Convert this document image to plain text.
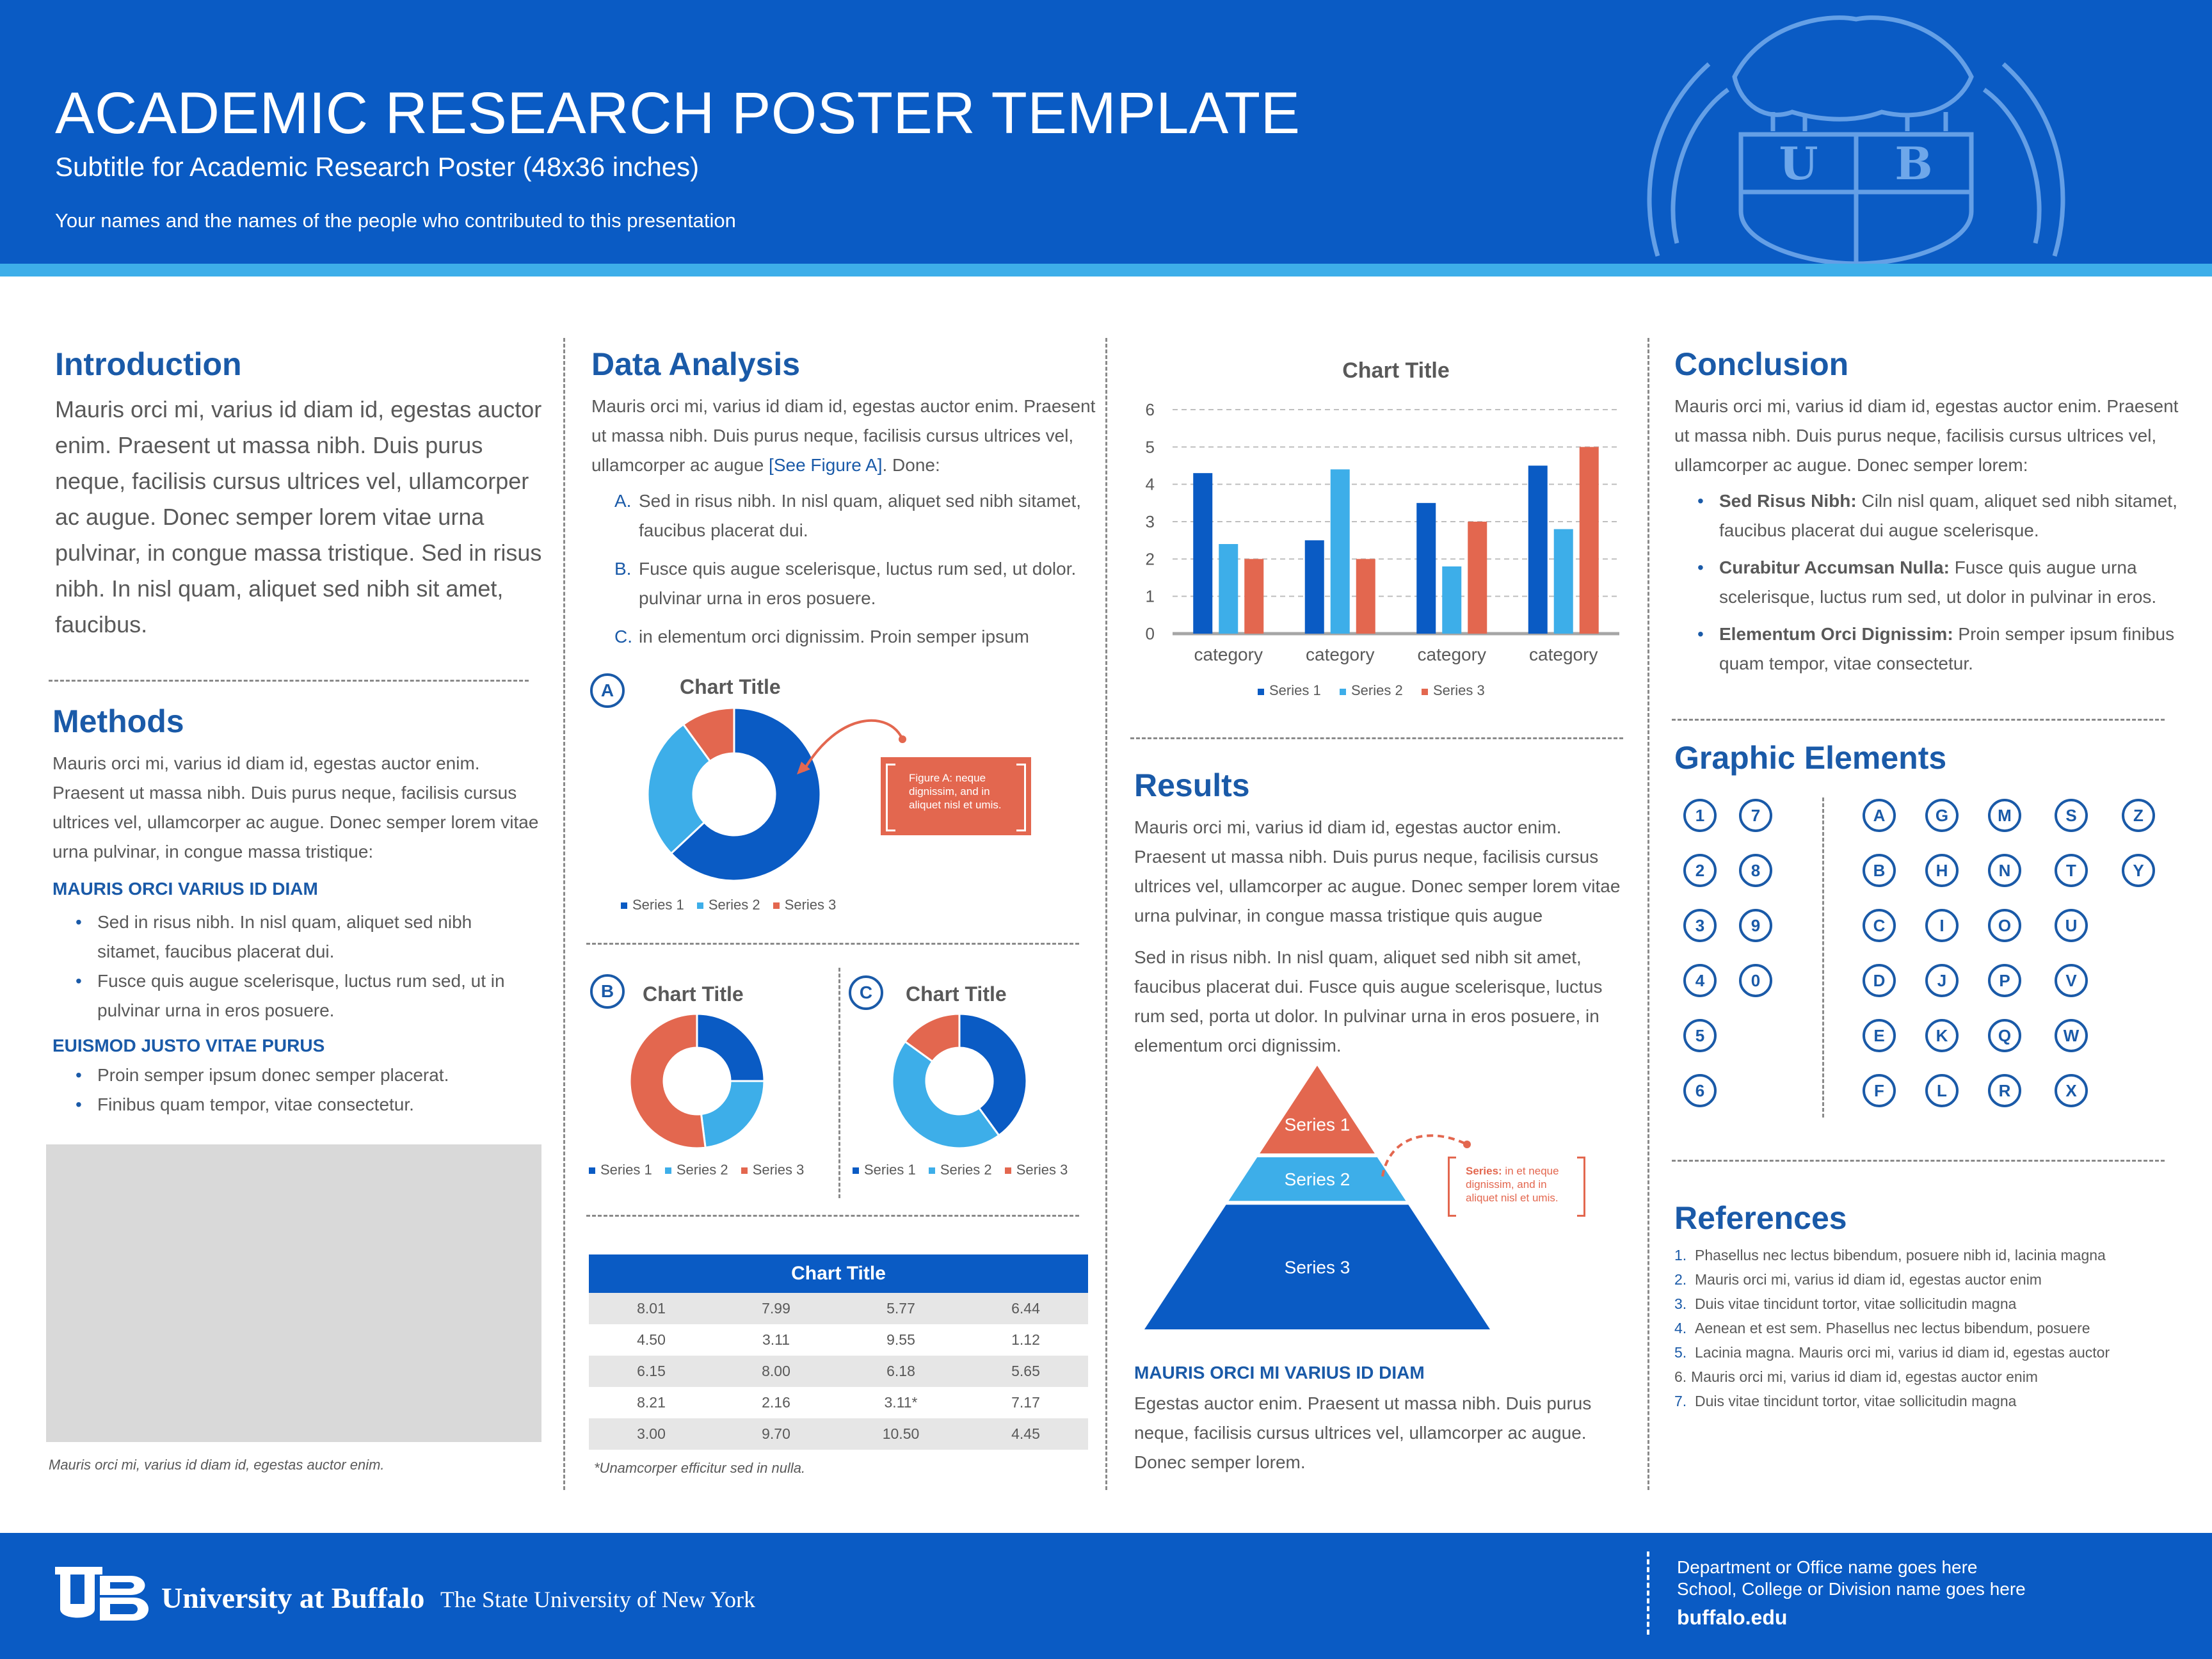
U B
ACADEMIC RESEARCH POSTER TEMPLATE
Subtitle for Academic Research Poster (48x36 inches)
Your names and the names of the people who contributed to this presentation
Introduction
Mauris orci mi, varius id diam id, egestas auctor enim. Praesent ut massa nibh. Duis purus neque, facilisis cursus ultrices vel, ullamcorper ac augue. Donec semper lorem vitae urna pulvinar, in congue massa tristique. Sed in risus nibh. In nisl quam, aliquet sed nibh sit amet, faucibus.
Methods
Mauris orci mi, varius id diam id, egestas auctor enim. Praesent ut massa nibh. Duis purus neque, facilisis cursus ultrices vel, ullamcorper ac augue. Donec semper lorem vitae urna pulvinar, in congue massa tristique:
MAURIS ORCI VARIUS ID DIAM
• Sed in risus nibh. In nisl quam, aliquet sed nibh sitamet, faucibus placerat dui.
• Fusce quis augue scelerisque, luctus rum sed, ut in pulvinar urna in eros posuere.
EUISMOD JUSTO VITAE PURUS
• Proin semper ipsum donec semper placerat.
• Finibus quam tempor, vitae consectetur.
Mauris orci mi, varius id diam id, egestas auctor enim.
Data Analysis
Mauris orci mi, varius id diam id, egestas auctor enim. Praesent ut massa nibh. Duis purus neque, facilisis cursus ultrices vel, ullamcorper ac augue [See Figure A]. Done:
A. Sed in risus nibh. In nisl quam, aliquet sed nibh sitamet, faucibus placerat dui.
B. Fusce quis augue scelerisque, luctus rum sed, ut dolor. pulvinar urna in eros posuere.
C. in elementum orci dignissim. Proin semper ipsum
A	Chart Title
Figure A: neque dignissim, and in aliquet nisl et umis.
Series 1 Series 2 Series 3
B	Chart Title
Series 1 Series 2 Series 3
C	Chart Title
Series 1 Series 2 Series 3
Chart Title			
8.01	7.99	5.77	6.44
4.50	3.11	9.55	1.12
6.15	8.00	6.18	5.65
8.21	2.16	3.11*	7.17
3.00	9.70	10.50	4.45
*Unamcorper efficitur sed in nulla.
Chart Title
0
1
2
3
4
5
6
category category category category
Series 1 Series 2 Series 3
Results
Mauris orci mi, varius id diam id, egestas auctor enim. Praesent ut massa nibh. Duis purus neque, facilisis cursus ultrices vel, ullamcorper ac augue. Donec semper lorem vitae urna pulvinar, in congue massa tristique quis augue
Sed in risus nibh. In nisl quam, aliquet sed nibh sit amet, faucibus placerat dui. Fusce quis augue scelerisque, luctus rum sed, porta ut dolor. In pulvinar urna in eros posuere, in elementum orci dignissim.
Series 1
Series 2
Series 3
Series: in et neque dignissim, and in aliquet nisl et umis.
MAURIS ORCI MI VARIUS ID DIAM
Egestas auctor enim. Praesent ut massa nibh. Duis purus neque, facilisis cursus ultrices vel, ullamcorper ac augue. Donec semper lorem.
Conclusion
Mauris orci mi, varius id diam id, egestas auctor enim. Praesent ut massa nibh. Duis purus neque, facilisis cursus ultrices vel, ullamcorper ac augue. Donec semper lorem:
• Sed Risus Nibh: Ciln nisl quam, aliquet sed nibh sitamet, faucibus placerat dui augue scelerisque.
• Curabitur Accumsan Nulla: Fusce quis augue urna scelerisque, luctus rum sed, ut dolor in pulvinar in eros.
• Elementum Orci Dignissim: Proin semper ipsum finibus quam tempor, vitae consectetur.
Graphic Elements
1
2
3
4
5
6
7
8
9
0
A
B
C
D
E
F
G
H
I
J
K
L
M
N
O
P
Q
R
S
T
U
V
W
X
Z
Y
References
1. Phasellus nec lectus bibendum, posuere nibh id, lacinia magna
2. Mauris orci mi, varius id diam id, egestas auctor enim
3. Duis vitae tincidunt tortor, vitae sollicitudin magna
4. Aenean et est sem. Phasellus nec lectus bibendum, posuere
5. Lacinia magna. Mauris orci mi, varius id diam id, egestas auctor
6. Mauris orci mi, varius id diam id, egestas auctor enim
7. Duis vitae tincidunt tortor, vitae sollicitudin magna
University at Buffalo The State University of New York
Department or Office name goes here
School, College or Division name goes here
buffalo.edu
